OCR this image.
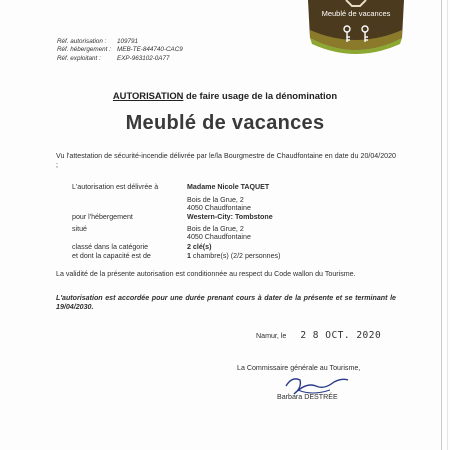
Meublé de vacances
Réf. autorisation :	109791
Réf. hébergement : MEB-TE-844740-CAC9
Réf. exploitant :	EXP-963102-0A77
AUTORISATION de faire usage de la dénomination
Meublé de vacances
Vu l'attestation de sécurité-incendie délivrée par le/la Bourgmestre de Chaudfontaine en date du 20/04/2020 ;
L'autorisation est délivrée à	Madame Nicole TAQUET
Bois de la Grue, 2
4050 Chaudfontaine
pour l'hébergement	Western-City: Tombstone
situé	Bois de la Grue, 2
4050 Chaudfontaine
classé dans la catégorie	2 clé(s)
et dont la capacité est de	1 chambre(s) (2/2 personnes)
La validité de la présente autorisation est conditionnée au respect du Code wallon du Tourisme.
L'autorisation est accordée pour une durée prenant cours à dater de la présente et se terminant le 19/04/2030.
Namur, le 2 8 OCT. 2020
La Commissaire générale au Tourisme,
Barbara DESTRÉE
